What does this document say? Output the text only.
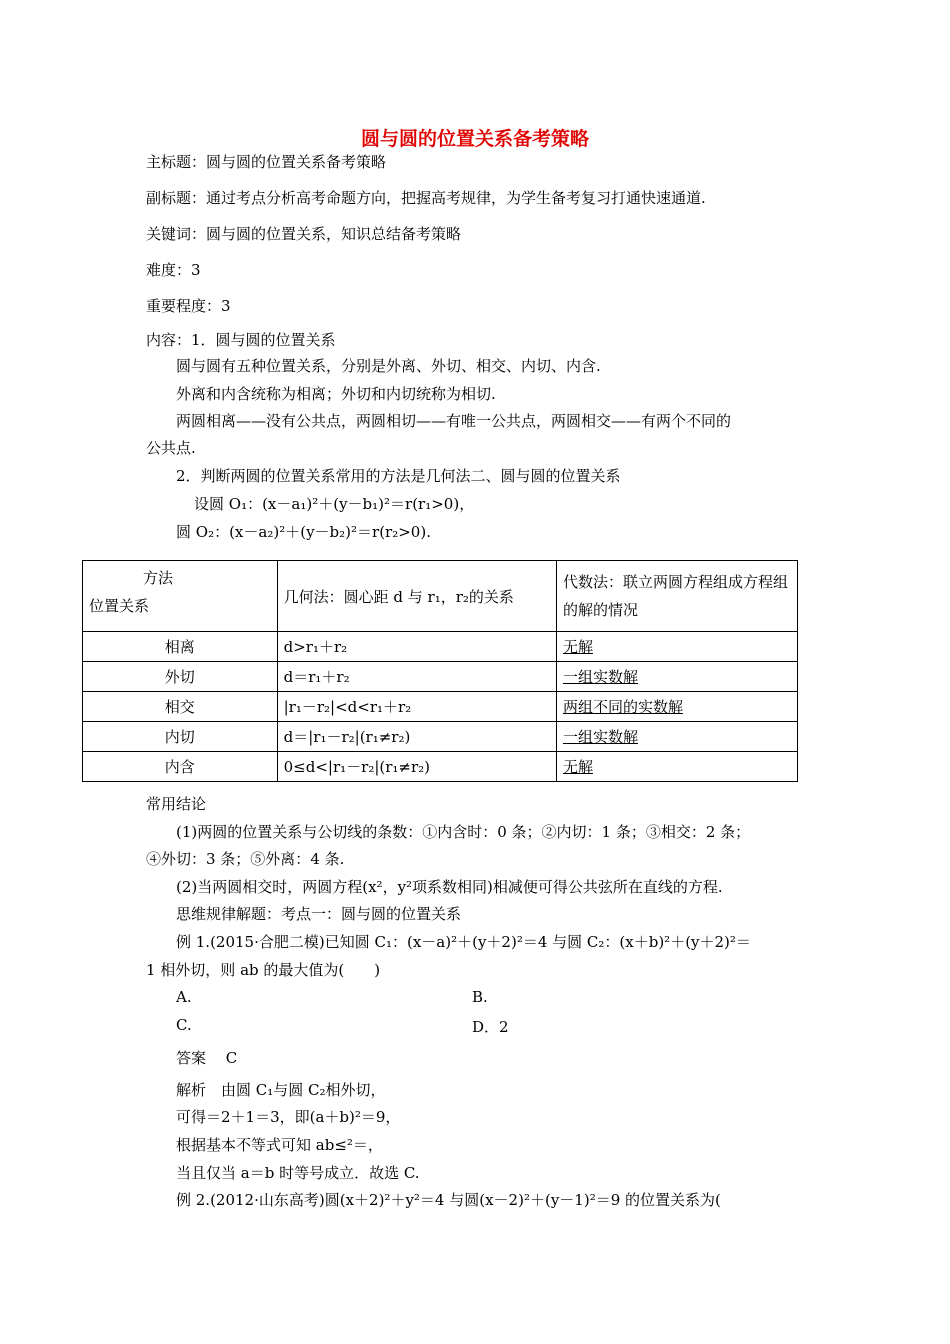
圆与圆的位置关系备考策略
主标题：圆与圆的位置关系备考策略
副标题：通过考点分析高考命题方向，把握高考规律，为学生备考复习打通快速通道.
关键词：圆与圆的位置关系，知识总结备考策略
难度：3
重要程度：3
内容：1．圆与圆的位置关系
圆与圆有五种位置关系，分别是外离、外切、相交、内切、内含.
外离和内含统称为相离；外切和内切统称为相切.
两圆相离——没有公共点，两圆相切——有唯一公共点，两圆相交——有两个不同的
公共点.
2．判断两圆的位置关系常用的方法是几何法二、圆与圆的位置关系
设圆 O₁：(x－a₁)²＋(y－b₁)²＝r(r₁>0)，
圆 O₂：(x－a₂)²＋(y－b₂)²＝r(r₂>0).
方法
位置关系	几何法：圆心距 d 与 r₁，r₂的关系	代数法：联立两圆方程组成方程组的解的情况
相离	d>r₁＋r₂	无解
外切	d＝r₁＋r₂	一组实数解
相交	|r₁－r₂|<d<r₁＋r₂	两组不同的实数解
内切	d＝|r₁－r₂|(r₁≠r₂)	一组实数解
内含	0≤d<|r₁－r₂|(r₁≠r₂)	无解
常用结论
(1)两圆的位置关系与公切线的条数：①内含时：0 条；②内切：1 条；③相交：2 条；
④外切：3 条；⑤外离：4 条.
(2)当两圆相交时，两圆方程(x²，y²项系数相同)相减便可得公共弦所在直线的方程.
思维规律解题：考点一：圆与圆的位置关系
例 1.(2015·合肥二模)已知圆 C₁：(x－a)²＋(y＋2)²＝4 与圆 C₂：(x＋b)²＋(y＋2)²＝
1 相外切，则 ab 的最大值为(　　)
A.	B.
C.	D．2
答案　 C
解析　由圆 C₁与圆 C₂相外切，
可得＝2＋1＝3，即(a＋b)²＝9，
根据基本不等式可知 ab≤²＝，
当且仅当 a＝b 时等号成立．故选 C.
例 2.(2012·山东高考)圆(x＋2)²＋y²＝4 与圆(x－2)²＋(y－1)²＝9 的位置关系为(
